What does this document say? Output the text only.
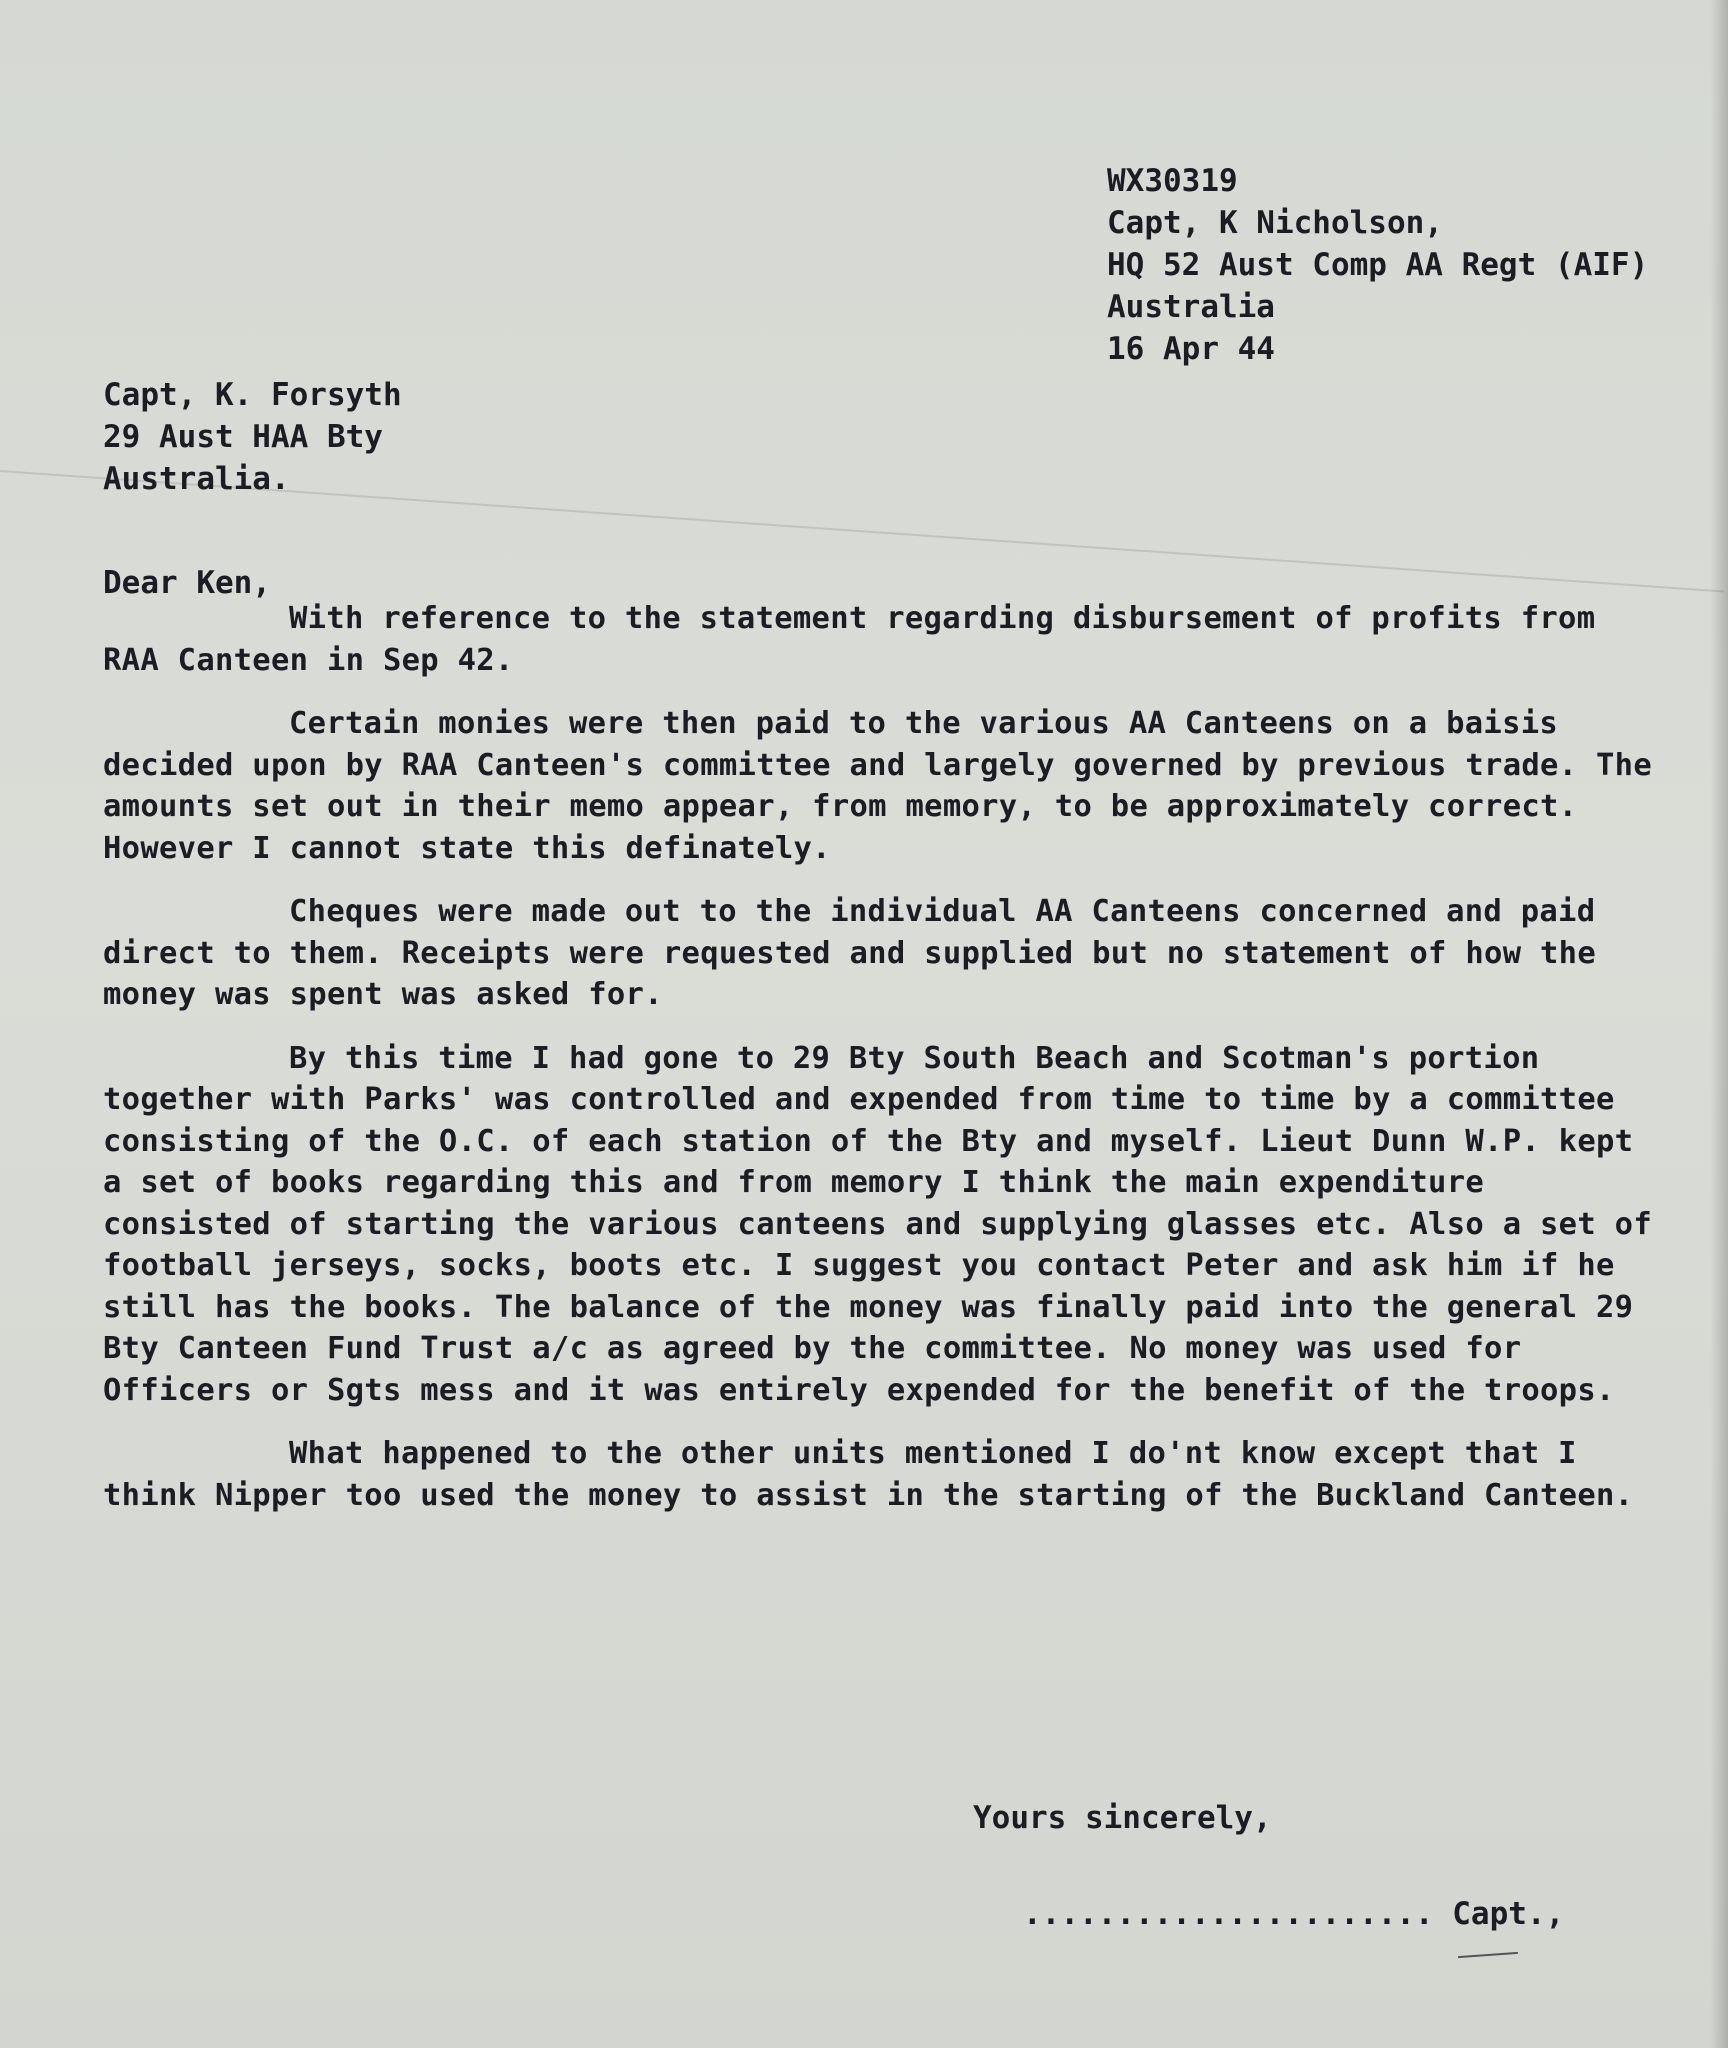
WX30319
Capt, K Nicholson,
HQ 52 Aust Comp AA Regt (AIF)
Australia
16 Apr 44
Capt, K. Forsyth
29 Aust HAA Bty
Australia.
Dear Ken,

With reference to the statement regarding disbursement of profits from RAA Canteen in Sep 42.

Certain monies were then paid to the various AA Canteens on a baisis decided upon by RAA Canteen's committee and largely governed by previous trade. The amounts set out in their memo appear, from memory, to be approximately correct. However I cannot state this definately.

Cheques were made out to the individual AA Canteens concerned and paid direct to them. Receipts were requested and supplied but no statement of how the money was spent was asked for.

By this time I had gone to 29 Bty South Beach and Scotman's portion together with Parks' was controlled and expended from time to time by a committee consisting of the O.C. of each station of the Bty and myself. Lieut Dunn W.P. kept a set of books regarding this and from memory I think the main expenditure consisted of starting the various canteens and supplying glasses etc. Also a set of football jerseys, socks, boots etc. I suggest you contact Peter and ask him if he still has the books. The balance of the money was finally paid into the general 29 Bty Canteen Fund Trust a/c as agreed by the committee. No money was used for Officers or Sgts mess and it was entirely expended for the benefit of the troops.

What happened to the other units mentioned I do'nt know except that I think Nipper too used the money to assist in the starting of the Buckland Canteen.

Yours sincerely,
...................... Capt.,
